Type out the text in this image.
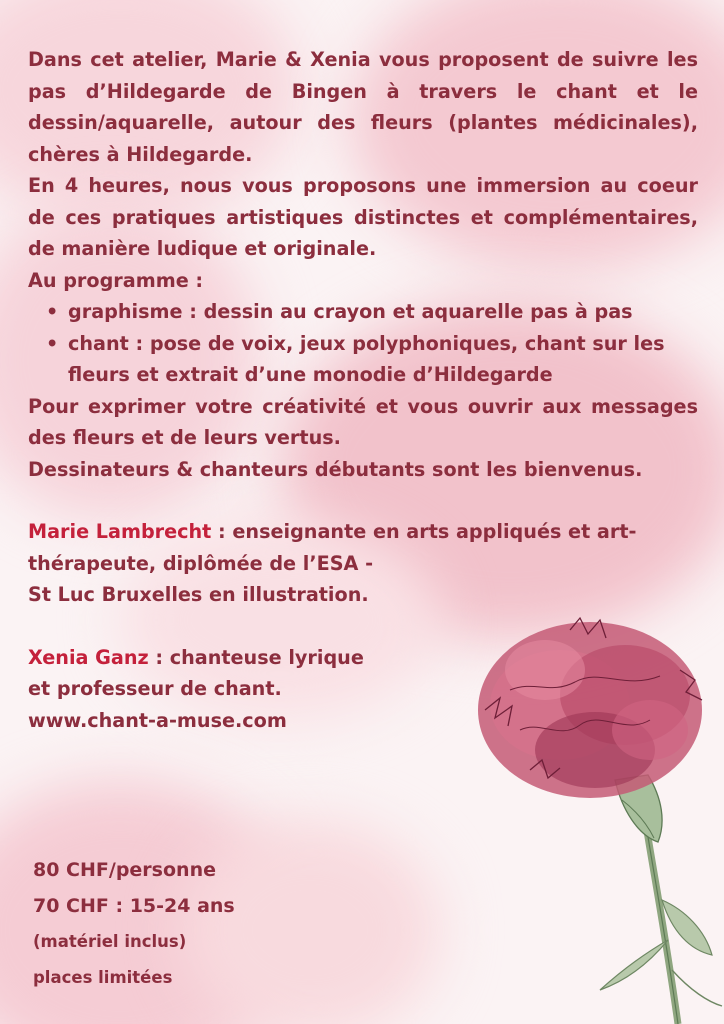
Dans cet atelier, Marie & Xenia vous proposent de suivre les pas d’Hildegarde de Bingen à travers le chant et le dessin/aquarelle, autour des fleurs (plantes médicinales), chères à Hildegarde.

En 4 heures, nous vous proposons une immersion au coeur de ces pratiques artistiques distinctes et complémentaires, de manière ludique et originale.

Au programme :

• graphisme : dessin au crayon et aquarelle pas à pas
• chant : pose de voix, jeux polyphoniques, chant sur les fleurs et extrait d’une monodie d’Hildegarde

Pour exprimer votre créativité et vous ouvrir aux messages des fleurs et de leurs vertus.

Dessinateurs & chanteurs débutants sont les bienvenus.

Marie Lambrecht : enseignante en arts appliqués et art-

thérapeute, diplômée de l’ESA -

St Luc Bruxelles en illustration.

Xenia Ganz : chanteuse lyrique

et professeur de chant.

www.chant-a-muse.com

80 CHF/personne
70 CHF : 15-24 ans
(matériel inclus)
places limitées
